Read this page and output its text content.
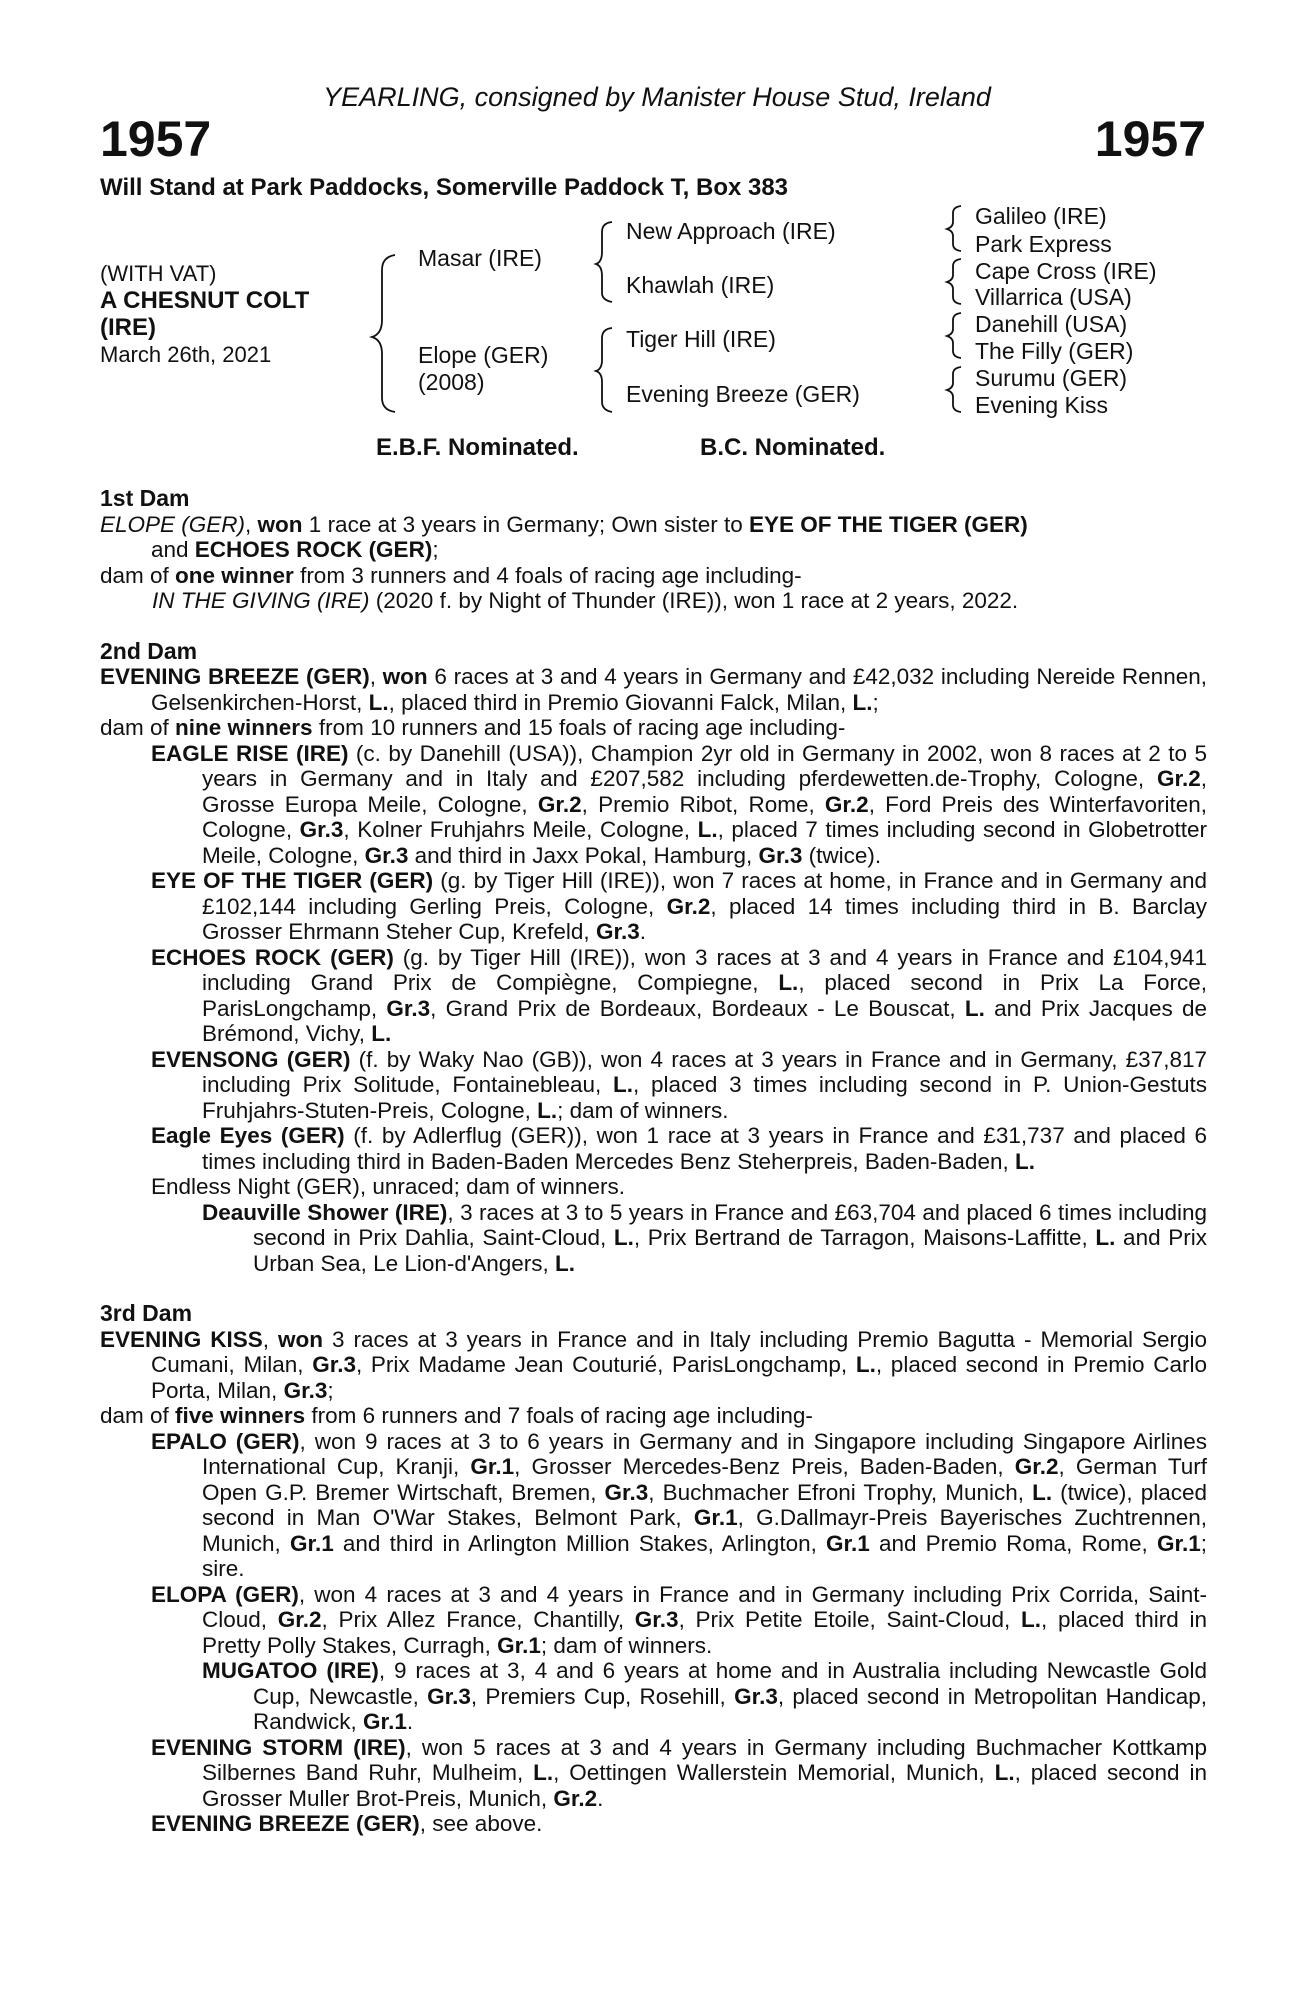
YEARLING, consigned by Manister House Stud, Ireland
1957	1957
Will Stand at Park Paddocks, Somerville Paddock T, Box 383
(WITH VAT)
A CHESNUT COLT
(IRE)
March 26th, 2021
Masar (IRE)
Elope (GER)
(2008)
New Approach (IRE)
Khawlah (IRE)
Tiger Hill (IRE)
Evening Breeze (GER)
Galileo (IRE)
Park Express
Cape Cross (IRE)
Villarrica (USA)
Danehill (USA)
The Filly (GER)
Surumu (GER)
Evening Kiss
E.B.F. Nominated.	B.C. Nominated.

1st Dam

ELOPE (GER), won 1 race at 3 years in Germany; Own sister to EYE OF THE TIGER (GER)
and ECHOES ROCK (GER);

dam of one winner from 3 runners and 4 foals of racing age including-

IN THE GIVING (IRE) (2020 f. by Night of Thunder (IRE)), won 1 race at 2 years, 2022.

2nd Dam

EVENING BREEZE (GER), won 6 races at 3 and 4 years in Germany and £42,032 including Nereide Rennen, Gelsenkirchen-Horst, L., placed third in Premio Giovanni Falck, Milan, L.;

dam of nine winners from 10 runners and 15 foals of racing age including-

EAGLE RISE (IRE) (c. by Danehill (USA)), Champion 2yr old in Germany in 2002, won 8 races at 2 to 5 years in Germany and in Italy and £207,582 including pferdewetten.de-Trophy, Cologne, Gr.2, Grosse Europa Meile, Cologne, Gr.2, Premio Ribot, Rome, Gr.2, Ford Preis des Winterfavoriten, Cologne, Gr.3, Kolner Fruhjahrs Meile, Cologne, L., placed 7 times including second in Globetrotter Meile, Cologne, Gr.3 and third in Jaxx Pokal, Hamburg, Gr.3 (twice).

EYE OF THE TIGER (GER) (g. by Tiger Hill (IRE)), won 7 races at home, in France and in Germany and £102,144 including Gerling Preis, Cologne, Gr.2, placed 14 times including third in B. Barclay Grosser Ehrmann Steher Cup, Krefeld, Gr.3.

ECHOES ROCK (GER) (g. by Tiger Hill (IRE)), won 3 races at 3 and 4 years in France and £104,941 including Grand Prix de Compiègne, Compiegne, L., placed second in Prix La Force, ParisLongchamp, Gr.3, Grand Prix de Bordeaux, Bordeaux - Le Bouscat, L. and Prix Jacques de Brémond, Vichy, L.

EVENSONG (GER) (f. by Waky Nao (GB)), won 4 races at 3 years in France and in Germany, £37,817 including Prix Solitude, Fontainebleau, L., placed 3 times including second in P. Union-Gestuts Fruhjahrs-Stuten-Preis, Cologne, L.; dam of winners.

Eagle Eyes (GER) (f. by Adlerflug (GER)), won 1 race at 3 years in France and £31,737 and placed 6 times including third in Baden-Baden Mercedes Benz Steherpreis, Baden-Baden, L.

Endless Night (GER), unraced; dam of winners.

Deauville Shower (IRE), 3 races at 3 to 5 years in France and £63,704 and placed 6 times including second in Prix Dahlia, Saint-Cloud, L., Prix Bertrand de Tarragon, Maisons-Laffitte, L. and Prix Urban Sea, Le Lion-d'Angers, L.

3rd Dam

EVENING KISS, won 3 races at 3 years in France and in Italy including Premio Bagutta - Memorial Sergio Cumani, Milan, Gr.3, Prix Madame Jean Couturié, ParisLongchamp, L., placed second in Premio Carlo Porta, Milan, Gr.3;

dam of five winners from 6 runners and 7 foals of racing age including-

EPALO (GER), won 9 races at 3 to 6 years in Germany and in Singapore including Singapore Airlines International Cup, Kranji, Gr.1, Grosser Mercedes-Benz Preis, Baden-Baden, Gr.2, German Turf Open G.P. Bremer Wirtschaft, Bremen, Gr.3, Buchmacher Efroni Trophy, Munich, L. (twice), placed second in Man O'War Stakes, Belmont Park, Gr.1, G.Dallmayr-Preis Bayerisches Zuchtrennen, Munich, Gr.1 and third in Arlington Million Stakes, Arlington, Gr.1 and Premio Roma, Rome, Gr.1; sire.

ELOPA (GER), won 4 races at 3 and 4 years in France and in Germany including Prix Corrida, Saint-Cloud, Gr.2, Prix Allez France, Chantilly, Gr.3, Prix Petite Etoile, Saint-Cloud, L., placed third in Pretty Polly Stakes, Curragh, Gr.1; dam of winners.

MUGATOO (IRE), 9 races at 3, 4 and 6 years at home and in Australia including Newcastle Gold Cup, Newcastle, Gr.3, Premiers Cup, Rosehill, Gr.3, placed second in Metropolitan Handicap, Randwick, Gr.1.

EVENING STORM (IRE), won 5 races at 3 and 4 years in Germany including Buchmacher Kottkamp Silbernes Band Ruhr, Mulheim, L., Oettingen Wallerstein Memorial, Munich, L., placed second in Grosser Muller Brot-Preis, Munich, Gr.2.

EVENING BREEZE (GER), see above.
